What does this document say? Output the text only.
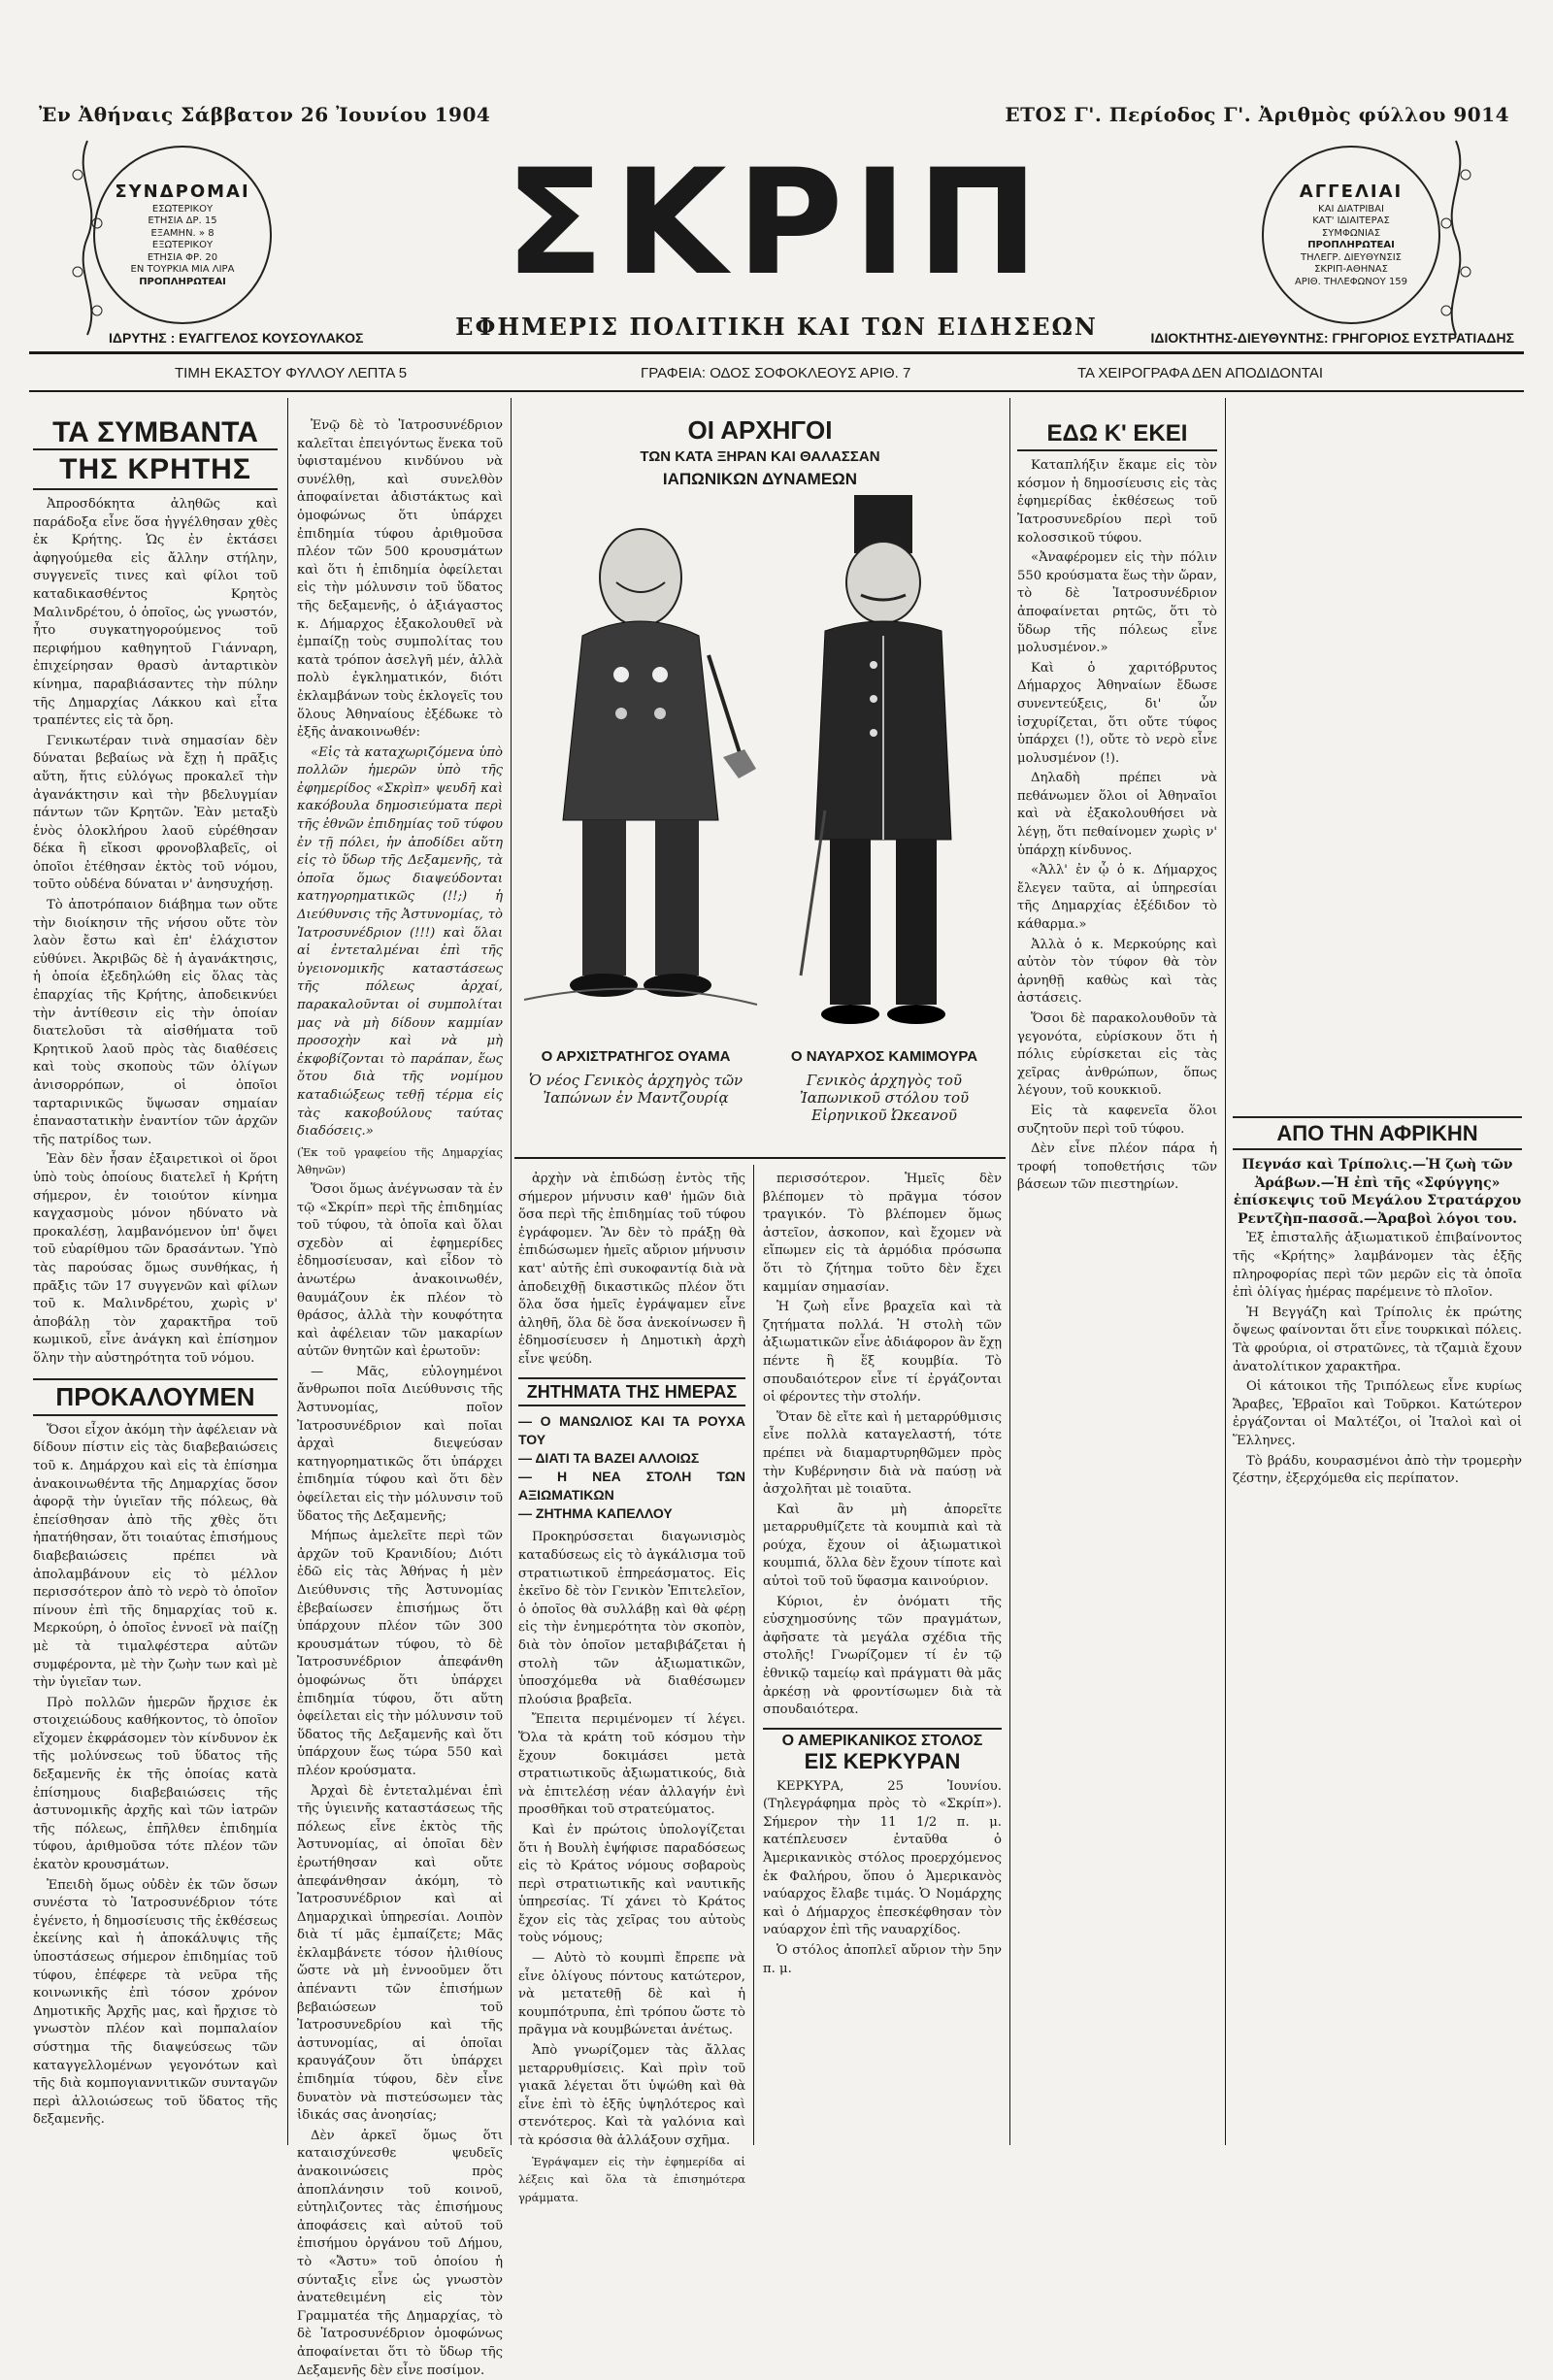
Ἐν Ἀθήναις Σάββατον 26 Ἰουνίου 1904	ΕΤΟΣ Γ'. Περίοδος Γ'. Ἀριθμὸς φύλλου 9014
ΣΥΝΔΡΟΜΑΙ
ΕΣΩΤΕΡΙΚΟΥ
ΕΤΗΣΙΑ ΔΡ. 15
ΕΞΑΜΗΝ. » 8
ΕΞΩΤΕΡΙΚΟΥ
ΕΤΗΣΙΑ ΦΡ. 20
ΕΝ ΤΟΥΡΚΙΑ ΜΙΑ ΛΙΡΑ
ΠΡΟΠΛΗΡΩΤΕΑΙ
ΑΓΓΕΛΙΑΙ
ΚΑΙ ΔΙΑΤΡΙΒΑΙ
ΚΑΤ' ΙΔΙΑΙΤΕΡΑΣ
ΣΥΜΦΩΝΙΑΣ
ΠΡΟΠΛΗΡΩΤΕΑΙ
ΤΗΛΕΓΡ. ΔΙΕΥΘΥΝΣΙΣ
ΣΚΡΙΠ-ΑΘΗΝΑΣ
ΑΡΙΘ. ΤΗΛΕΦΩΝΟΥ 159
ΣΚΡΙΠ
ΕΦΗΜΕΡΙΣ ΠΟΛΙΤΙΚΗ ΚΑΙ ΤΩΝ ΕΙΔΗΣΕΩΝ
ΙΔΡΥΤΗΣ : ΕΥΑΓΓΕΛΟΣ ΚΟΥΣΟΥΛΑΚΟΣ	ΙΔΙΟΚΤΗΤΗΣ-ΔΙΕΥΘΥΝΤΗΣ: ΓΡΗΓΟΡΙΟΣ ΕΥΣΤΡΑΤΙΑΔΗΣ
ΤΙΜΗ ΕΚΑΣΤΟΥ ΦΥΛΛΟΥ ΛΕΠΤΑ 5	ΓΡΑΦΕΙΑ: ΟΔΟΣ ΣΟΦΟΚΛΕΟΥΣ ΑΡΙΘ. 7	ΤΑ ΧΕΙΡΟΓΡΑΦΑ ΔΕΝ ΑΠΟΔΙΔΟΝΤΑΙ
ΤΑ ΣΥΜΒΑΝΤΑ
ΤΗΣ ΚΡΗΤΗΣ

Ἀπροσδόκητα ἀληθῶς καὶ παράδοξα εἶνε ὅσα ἠγγέλθησαν χθὲς ἐκ Κρήτης. Ὡς ἐν ἐκτάσει ἀφηγούμεθα εἰς ἄλλην στήλην, συγγενεῖς τινες καὶ φίλοι τοῦ καταδικασθέντος Κρητὸς Μαλινδρέτου, ὁ ὁποῖος, ὡς γνωστόν, ἦτο συγκατηγορούμενος τοῦ περιφήμου καθηγητοῦ Γιάνναρη, ἐπιχείρησαν θρασὺ ἀνταρτικὸν κίνημα, παραβιάσαντες τὴν πύλην τῆς Δημαρχίας Λάκκου καὶ εἶτα τραπέντες εἰς τὰ ὄρη.

Γενικωτέραν τινὰ σημασίαν δὲν δύναται βεβαίως νὰ ἔχῃ ἡ πρᾶξις αὕτη, ἥτις εὐλόγως προκαλεῖ τὴν ἀγανάκτησιν καὶ τὴν βδελυγμίαν πάντων τῶν Κρητῶν. Ἐὰν μεταξὺ ἑνὸς ὁλοκλήρου λαοῦ εὑρέθησαν δέκα ἢ εἴκοσι φρονοβλαβεῖς, οἱ ὁποῖοι ἐτέθησαν ἐκτὸς τοῦ νόμου, τοῦτο οὐδένα δύναται ν' ἀνησυχήσῃ.

Τὸ ἀποτρόπαιον διάβημα των οὔτε τὴν διοίκησιν τῆς νήσου οὔτε τὸν λαὸν ἔστω καὶ ἐπ' ἐλάχιστον εὐθύνει. Ἀκριβῶς δὲ ἡ ἀγανάκτησις, ἡ ὁποία ἐξεδηλώθη εἰς ὅλας τὰς ἐπαρχίας τῆς Κρήτης, ἀποδεικνύει τὴν ἀντίθεσιν εἰς τὴν ὁποίαν διατελοῦσι τὰ αἰσθήματα τοῦ Κρητικοῦ λαοῦ πρὸς τὰς διαθέσεις καὶ τοὺς σκοποὺς τῶν ὀλίγων ἀνισορρόπων, οἱ ὁποῖοι ταρταρινικῶς ὕψωσαν σημαίαν ἐπαναστατικὴν ἐναντίον τῶν ἀρχῶν τῆς πατρίδος των.

Ἐὰν δὲν ἦσαν ἐξαιρετικοὶ οἱ ὅροι ὑπὸ τοὺς ὁποίους διατελεῖ ἡ Κρήτη σήμερον, ἐν τοιούτον κίνημα καγχασμοὺς μόνον ηδύνατο νὰ προκαλέσῃ, λαμβανόμενον ὑπ' ὄψει τοῦ εὐαρίθμου τῶν δρασάντων. Ὑπὸ τὰς παρούσας ὅμως συνθήκας, ἡ πρᾶξις τῶν 17 συγγενῶν καὶ φίλων τοῦ κ. Μαλινδρέτου, χωρὶς ν' ἀποβάλῃ τὸν χαρακτῆρα τοῦ κωμικοῦ, εἶνε ἀνάγκη καὶ ἐπίσημον ὅλην τὴν αὐστηρότητα τοῦ νόμου.

ΠΡΟΚΑΛΟΥΜΕΝ

Ὅσοι εἶχον ἀκόμη τὴν ἀφέλειαν νὰ δίδουν πίστιν εἰς τὰς διαβεβαιώσεις τοῦ κ. Δημάρχου καὶ εἰς τὰ ἐπίσημα ἀνακοινωθέντα τῆς Δημαρχίας ὅσον ἀφορᾷ τὴν ὑγιεῖαν τῆς πόλεως, θὰ ἐπείσθησαν ἀπὸ τῆς χθὲς ὅτι ἠπατήθησαν, ὅτι τοιαύτας ἐπισήμους διαβεβαιώσεις πρέπει νὰ ἀπολαμβάνουν εἰς τὸ μέλλον περισσότερον ἀπὸ τὸ νερὸ τὸ ὁποῖον πίνουν ἐπὶ τῆς δημαρχίας τοῦ κ. Μερκούρη, ὁ ὁποῖος ἐννοεῖ νὰ παίζῃ μὲ τὰ τιμαλφέστερα αὐτῶν συμφέροντα, μὲ τὴν ζωὴν των καὶ μὲ τὴν ὑγιεῖαν των.

Πρὸ πολλῶν ἡμερῶν ἤρχισε ἐκ στοιχειώδους καθήκοντος, τὸ ὁποῖον εἴχομεν ἐκφράσομεν τὸν κίνδυνον ἐκ τῆς μολύνσεως τοῦ ὕδατος τῆς δεξαμενῆς ἐκ τῆς ὁποίας κατὰ ἐπίσημους διαβεβαιώσεις τῆς ἀστυνομικῆς ἀρχῆς καὶ τῶν ἰατρῶν τῆς πόλεως, ἐπῆλθεν ἐπιδημία τύφου, ἀριθμοῦσα τότε πλέον τῶν ἑκατὸν κρουσμάτων.

Ἐπειδὴ ὅμως οὐδὲν ἐκ τῶν ὅσων συνέστα τὸ Ἰατροσυνέδριον τότε ἐγένετο, ἡ δημοσίευσις τῆς ἐκθέσεως ἐκείνης καὶ ἡ ἀποκάλυψις τῆς ὑποστάσεως σήμερον ἐπιδημίας τοῦ τύφου, ἐπέφερε τὰ νεῦρα τῆς κοινωνικῆς ἐπὶ τόσον χρόνον Δημοτικῆς Ἀρχῆς μας, καὶ ἤρχισε τὸ γνωστὸν πλέον καὶ πομπαλαίον σύστημα τῆς διαψεύσεως τῶν καταγγελλομένων γεγονότων καὶ τῆς διὰ κομπογιαννιτικῶν συνταγῶν περὶ ἀλλοιώσεως τοῦ ὕδατος τῆς δεξαμενῆς.

Ἐνῷ δὲ τὸ Ἰατροσυνέδριον καλεῖται ἐπειγόντως ἕνεκα τοῦ ὑφισταμένου κινδύνου νὰ συνέλθῃ, καὶ συνελθὸν ἀποφαίνεται ἀδιστάκτως καὶ ὁμοφώνως ὅτι ὑπάρχει ἐπιδημία τύφου ἀριθμοῦσα πλέον τῶν 500 κρουσμάτων καὶ ὅτι ἡ ἐπιδημία ὀφείλεται εἰς τὴν μόλυνσιν τοῦ ὕδατος τῆς δεξαμενῆς, ὁ ἀξιάγαστος κ. Δήμαρχος ἐξακολουθεῖ νὰ ἐμπαίζῃ τοὺς συμπολίτας του κατὰ τρόπον ἀσελγῆ μέν, ἀλλὰ πολὺ ἐγκληματικόν, διότι ἐκλαμβάνων τοὺς ἐκλογεῖς του ὅλους Ἀθηναίους ἐξέδωκε τὸ ἑξῆς ἀνακοινωθέν:

«Εἰς τὰ καταχωριζόμενα ὑπὸ πολλῶν ἡμερῶν ὑπὸ τῆς ἐφημερίδος «Σκρὶπ» ψευδῆ καὶ κακόβουλα δημοσιεύματα περὶ τῆς ἐθνῶν ἐπιδημίας τοῦ τύφου ἐν τῇ πόλει, ἡν ἀποδίδει αὕτη εἰς τὸ ὕδωρ τῆς Δεξαμενῆς, τὰ ὁποῖα ὅμως διαψεύδονται κατηγορηματικῶς (!!;) ἡ Διεύθυνσις τῆς Ἀστυνομίας, τὸ Ἰατροσυνέδριον (!!!) καὶ ὅλαι αἱ ἐντεταλμέναι ἐπὶ τῆς ὑγειονομικῆς καταστάσεως τῆς πόλεως ἀρχαί, παρακαλοῦνται οἱ συμπολίται μας νὰ μὴ δίδουν καμμίαν προσοχὴν καὶ νὰ μὴ ἐκφοβίζονται τὸ παράπαν, ἕως ὅτου διὰ τῆς νομίμου καταδιώξεως τεθῇ τέρμα εἰς τὰς κακοβούλους ταύτας διαδόσεις.»

(Ἐκ τοῦ γραφείου τῆς Δημαρχίας Ἀθηνῶν)

Ὅσοι ὅμως ἀνέγνωσαν τὰ ἐν τῷ «Σκρίπ» περὶ τῆς ἐπιδημίας τοῦ τύφου, τὰ ὁποῖα καὶ ὅλαι σχεδὸν αἱ ἐφημερίδες ἐδημοσίευσαν, καὶ εἶδον τὸ ἀνωτέρω ἀνακοινωθέν, θαυμάζουν ἐκ πλέον τὸ θράσος, ἀλλὰ τὴν κουφότητα καὶ ἀφέλειαν τῶν μακαρίων αὐτῶν θνητῶν καὶ ἐρωτοῦν:

— Μᾶς, εὐλογημένοι ἄνθρωποι ποῖα Διεύθυνσις τῆς Ἀστυνομίας, ποῖον Ἰατροσυνέδριον καὶ ποῖαι ἀρχαὶ διεψεύσαν κατηγορηματικῶς ὅτι ὑπάρχει ἐπιδημία τύφου καὶ ὅτι δὲν ὀφείλεται εἰς τὴν μόλυνσιν τοῦ ὕδατος τῆς Δεξαμενῆς;

Μήπως ἀμελεῖτε περὶ τῶν ἀρχῶν τοῦ Κρανιδίου; Διότι ἐδῶ εἰς τὰς Ἀθήνας ἡ μὲν Διεύθυνσις τῆς Ἀστυνομίας ἐβεβαίωσεν ἐπισήμως ὅτι ὑπάρχουν πλέον τῶν 300 κρουσμάτων τύφου, τὸ δὲ Ἰατροσυνέδριον ἀπεφάνθη ὁμοφώνως ὅτι ὑπάρχει ἐπιδημία τύφου, ὅτι αὕτη ὀφείλεται εἰς τὴν μόλυνσιν τοῦ ὕδατος τῆς Δεξαμενῆς καὶ ὅτι ὑπάρχουν ἕως τώρα 550 καὶ πλέον κρούσματα.

Ἀρχαὶ δὲ ἐντεταλμέναι ἐπὶ τῆς ὑγιεινῆς καταστάσεως τῆς πόλεως εἶνε ἐκτὸς τῆς Ἀστυνομίας, αἱ ὁποῖαι δὲν ἐρωτήθησαν καὶ οὔτε ἀπεφάνθησαν ἀκόμη, τὸ Ἰατροσυνέδριον καὶ αἱ Δημαρχικαὶ ὑπηρεσίαι. Λοιπὸν διὰ τί μᾶς ἐμπαίζετε; Μᾶς ἐκλαμβάνετε τόσον ἠλιθίους ὥστε νὰ μὴ ἐννοοῦμεν ὅτι ἀπέναντι τῶν ἐπισήμων βεβαιώσεων τοῦ Ἰατροσυνεδρίου καὶ τῆς ἀστυνομίας, αἱ ὁποῖαι κραυγάζουν ὅτι ὑπάρχει ἐπιδημία τύφου, δὲν εἶνε δυνατὸν νὰ πιστεύσωμεν τὰς ἰδικάς σας ἀνοησίας;

Δὲν ἀρκεῖ ὅμως ὅτι καταισχύνεσθε ψευδεῖς ἀνακοινώσεις πρὸς ἀποπλάνησιν τοῦ κοινοῦ, εὐτηλιζοντες τὰς ἐπισήμους ἀποφάσεις καὶ αὐτοῦ τοῦ ἐπισήμου ὀργάνου τοῦ Δήμου, τὸ «Ἄστυ» τοῦ ὁποίου ἡ σύνταξις εἶνε ὡς γνωστὸν ἀνατεθειμένη εἰς τὸν Γραμματέα τῆς Δημαρχίας, τὸ δὲ Ἰατροσυνέδριον ὁμοφώνως ἀποφαίνεται ὅτι τὸ ὕδωρ τῆς Δεξαμενῆς δὲν εἶνε ποσίμον.

ΟΙ ΑΡΧΗΓΟΙ
ΤΩΝ ΚΑΤΑ ΞΗΡΑΝ ΚΑΙ ΘΑΛΑΣΣΑΝ
ΙΑΠΩΝΙΚΩΝ ΔΥΝΑΜΕΩΝ
Ο ΑΡΧΙΣΤΡΑΤΗΓΟΣ ΟΥΑΜΑ
Ὁ νέος Γενικὸς ἀρχηγὸς τῶν Ἰαπώνων ἐν Μαντζουρίᾳ
Ο ΝΑΥΑΡΧΟΣ ΚΑΜΙΜΟΥΡΑ
Γενικὸς ἀρχηγὸς τοῦ Ἰαπωνικοῦ στόλου τοῦ Εἰρηνικοῦ Ὠκεανοῦ

ἀρχὴν νὰ ἐπιδώσῃ ἐντὸς τῆς σήμερον μήνυσιν καθ' ἡμῶν διὰ ὅσα περὶ τῆς ἐπιδημίας τοῦ τύφου ἐγράφομεν. Ἂν δὲν τὸ πράξῃ θὰ ἐπιδώσωμεν ἡμεῖς αὔριον μήνυσιν κατ' αὐτῆς ἐπὶ συκοφαντίᾳ διὰ νὰ ἀποδειχθῇ δικαστικῶς πλέον ὅτι ὅλα ὅσα ἡμεῖς ἐγράψαμεν εἶνε ἀληθῆ, ὅλα δὲ ὅσα ἀνεκοίνωσεν ἢ ἐδημοσίευσεν ἡ Δημοτικὴ ἀρχὴ εἶνε ψεύδη.

ΖΗΤΗΜΑΤΑ ΤΗΣ ΗΜΕΡΑΣ
— Ο ΜΑΝΩΛΙΟΣ ΚΑΙ ΤΑ ΡΟΥΧΑ ΤΟΥ
— ΔΙΑΤΙ ΤΑ ΒΑΖΕΙ ΑΛΛΟΙΩΣ
— Η ΝΕΑ ΣΤΟΛΗ ΤΩΝ ΑΞΙΩΜΑΤΙΚΩΝ
— ΖΗΤΗΜΑ ΚΑΠΕΛΛΟΥ

Προκηρύσσεται διαγωνισμὸς καταδύσεως εἰς τὸ ἀγκάλισμα τοῦ στρατιωτικοῦ ἐπηρεάσματος. Εἰς ἐκεῖνο δὲ τὸν Γενικὸν Ἐπιτελεῖον, ὁ ὁποῖος θὰ συλλάβῃ καὶ θὰ φέρῃ εἰς τὴν ἐνημερότητα τὸν σκοπὸν, διὰ τὸν ὁποῖον μεταβιβάζεται ἡ στολὴ τῶν ἀξιωματικῶν, ὑποσχόμεθα νὰ διαθέσωμεν πλούσια βραβεῖα.

Ἔπειτα περιμένομεν τί λέγει. Ὅλα τὰ κράτη τοῦ κόσμου τὴν ἔχουν δοκιμάσει μετὰ στρατιωτικοῦς ἀξιωματικούς, διὰ νὰ ἐπιτελέσῃ νέαν ἀλλαγήν ἐνὶ προσθῆκαι τοῦ στρατεύματος.

Καὶ ἐν πρώτοις ὑπολογίζεται ὅτι ἡ Βουλὴ ἐψήφισε παραδόσεως εἰς τὸ Κράτος νόμους σοβαροὺς περὶ στρατιωτικῆς καὶ ναυτικῆς ὑπηρεσίας. Τί χάνει τὸ Κράτος ἔχον εἰς τὰς χεῖρας του αὐτοὺς τοὺς νόμους;

— Αὐτὸ τὸ κουμπὶ ἔπρεπε νὰ εἶνε ὀλίγους πόντους κατώτερον, νὰ μετατεθῇ δὲ καὶ ἡ κουμπότρυπα, ἐπὶ τρόπου ὥστε τὸ πρᾶγμα νὰ κουμβώνεται ἀνέτως.

Ἀπὸ γνωρίζομεν τὰς ἄλλας μεταρρυθμίσεις. Καὶ πρὶν τοῦ γιακᾶ λέγεται ὅτι ὑψώθη καὶ θὰ εἶνε ἐπὶ τὸ ἑξῆς ὑψηλότερος καὶ στενότερος. Καὶ τὰ γαλόνια καὶ τὰ κρόσσια θὰ ἀλλάξουν σχῆμα.

Ἐγράψαμεν εἰς τὴν ἐφημερίδα αἱ λέξεις καὶ ὅλα τὰ ἐπισημότερα γράμματα.

περισσότερον. Ἡμεῖς δὲν βλέπομεν τὸ πρᾶγμα τόσον τραγικόν. Τὸ βλέπομεν ὅμως ἀστεῖον, ἀσκοπον, καὶ ἔχομεν νὰ εἴπωμεν εἰς τὰ ἁρμόδια πρόσωπα ὅτι τὸ ζήτημα τοῦτο δὲν ἔχει καμμίαν σημασίαν.

Ἡ ζωὴ εἶνε βραχεῖα καὶ τὰ ζητήματα πολλά. Ἡ στολὴ τῶν ἀξιωματικῶν εἶνε ἀδιάφορον ἂν ἔχῃ πέντε ἢ ἕξ κουμβία. Τὸ σπουδαιότερον εἶνε τί ἐργάζονται οἱ φέροντες τὴν στολήν.

Ὅταν δὲ εἴτε καὶ ἡ μεταρρύθμισις εἶνε πολλὰ καταγελαστή, τότε πρέπει νὰ διαμαρτυρηθῶμεν πρὸς τὴν Κυβέρνησιν διὰ νὰ παύσῃ νὰ ἀσχολῆται μὲ τοιαῦτα.

Καὶ ἂν μὴ ἀπορεῖτε μεταρρυθμίζετε τὰ κουμπιὰ καὶ τὰ ρούχα, ἔχουν οἱ ἀξιωματικοὶ κουμπιά, ὅλλα δὲν ἔχουν τίποτε καὶ αὐτοὶ τοῦ τοῦ ὕφασμα καινούριον.

Κύριοι, ἐν ὀνόματι τῆς εὐσχημοσύνης τῶν πραγμάτων, ἀφῆσατε τὰ μεγάλα σχέδια τῆς στολῆς! Γνωρίζομεν τί ἐν τῷ ἐθνικῷ ταμείῳ καὶ πράγματι θὰ μᾶς ἀρκέσῃ νὰ φροντίσωμεν διὰ τὰ σπουδαιότερα.

Ο ΑΜΕΡΙΚΑΝΙΚΟΣ ΣΤΟΛΟΣ
ΕΙΣ ΚΕΡΚΥΡΑΝ

ΚΕΡΚΥΡΑ, 25 Ἰουνίου. (Τηλεγράφημα πρὸς τὸ «Σκρίπ»). Σήμερον τὴν 11 1/2 π. μ. κατέπλευσεν ἐνταῦθα ὁ Ἀμερικανικὸς στόλος προερχόμενος ἐκ Φαλήρου, ὅπου ὁ Ἀμερικανὸς ναύαρχος ἔλαβε τιμάς. Ὁ Νομάρχης καὶ ὁ Δήμαρχος ἐπεσκέφθησαν τὸν ναύαρχον ἐπὶ τῆς ναυαρχίδος.

Ὁ στόλος ἀποπλεῖ αὔριον τὴν 5ην π. μ.

ΕΔΩ Κ' ΕΚΕΙ

Καταπλήξιν ἔκαμε εἰς τὸν κόσμον ἡ δημοσίευσις εἰς τὰς ἐφημερίδας ἐκθέσεως τοῦ Ἰατροσυνεδρίου περὶ τοῦ κολοσσικοῦ τύφου.

«Ἀναφέρομεν εἰς τὴν πόλιν 550 κρούσματα ἕως τὴν ὥραν, τὸ δὲ Ἰατροσυνέδριον ἀποφαίνεται ρητῶς, ὅτι τὸ ὕδωρ τῆς πόλεως εἶνε μολυσμένον.»

Καὶ ὁ χαριτόβρυτος Δήμαρχος Ἀθηναίων ἔδωσε συνεντεύξεις, δι' ὧν ἰσχυρίζεται, ὅτι οὔτε τύφος ὑπάρχει (!), οὔτε τὸ νερὸ εἶνε μολυσμένον (!).

Δηλαδὴ πρέπει νὰ πεθάνωμεν ὅλοι οἱ Ἀθηναῖοι καὶ νὰ ἐξακολουθήσει νὰ λέγῃ, ὅτι πεθαίνομεν χωρὶς ν' ὑπάρχῃ κίνδυνος.

«Ἀλλ' ἐν ᾧ ὁ κ. Δήμαρχος ἔλεγεν ταῦτα, αἱ ὑπηρεσίαι τῆς Δημαρχίας ἐξέδιδον τὸ κάθαρμα.»

Ἀλλὰ ὁ κ. Μερκούρης καὶ αὐτὸν τὸν τύφον θὰ τὸν ἀρνηθῇ καθὼς καὶ τὰς ἀστάσεις.

Ὅσοι δὲ παρακολουθοῦν τὰ γεγονότα, εὑρίσκουν ὅτι ἡ πόλις εὑρίσκεται εἰς τὰς χεῖρας ἀνθρώπων, ὅπως λέγουν, τοῦ κουκκιοῦ.

Εἰς τὰ καφενεῖα ὅλοι συζητοῦν περὶ τοῦ τύφου.

Δὲν εἶνε πλέον πάρα ἡ τροφή τοποθετήσις τῶν βάσεων τῶν πιεστηρίων.

ΑΠΟ ΤΗΝ ΑΦΡΙΚΗΝ

Πεγνάσ καὶ Τρίπολις.—Ἡ ζωὴ τῶν Ἀράβων.—Ἡ ἐπὶ τῆς «Σφύγγης» ἐπίσκεψις τοῦ Μεγάλου Στρατάρχου Ρεντζὴπ-πασσᾶ.—Ἀραβοὶ λόγοι του.

Ἐξ ἐπισταλῆς ἀξιωματικοῦ ἐπιβαίνοντος τῆς «Κρήτης» λαμβάνομεν τὰς ἑξῆς πληροφορίας περὶ τῶν μερῶν εἰς τὰ ὁποῖα ἐπὶ ὀλίγας ἡμέρας παρέμεινε τὸ πλοῖον.

Ἡ Βεγγάζη καὶ Τρίπολις ἐκ πρώτης ὄψεως φαίνονται ὅτι εἶνε τουρκικαὶ πόλεις. Τὰ φρούρια, οἱ στρατῶνες, τὰ τζαμιὰ ἔχουν ἀνατολίτικον χαρακτῆρα.

Οἱ κάτοικοι τῆς Τριπόλεως εἶνε κυρίως Ἄραβες, Ἑβραῖοι καὶ Τοῦρκοι. Κατώτερον ἐργάζονται οἱ Μαλτέζοι, οἱ Ἰταλοὶ καὶ οἱ Ἕλληνες.

Τὸ βράδυ, κουρασμένοι ἀπὸ τὴν τρομερὴν ζέστην, ἐξερχόμεθα εἰς περίπατον.
